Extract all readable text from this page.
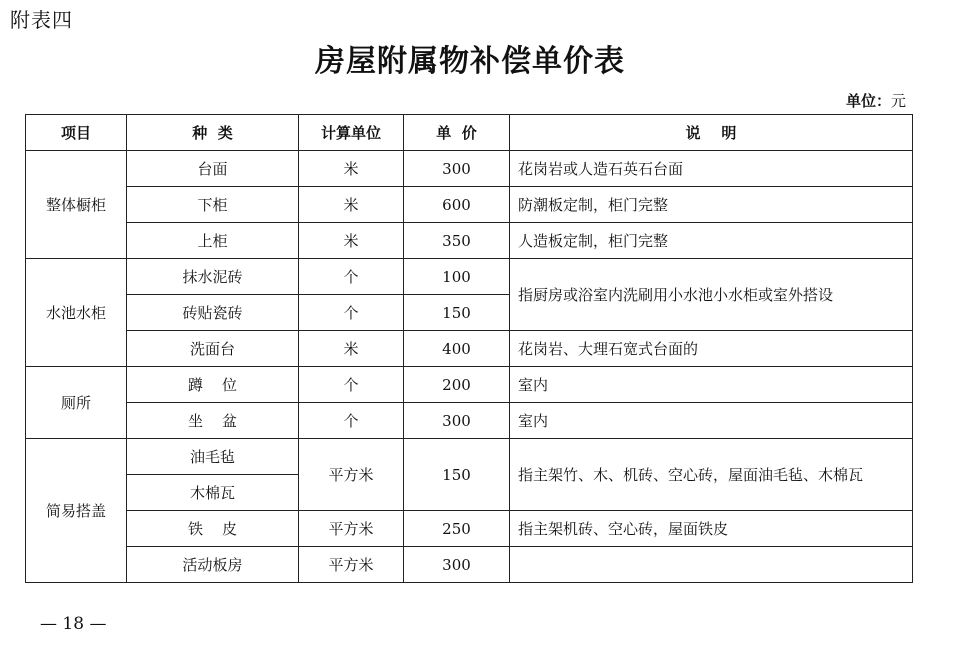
附表四
房屋附属物补偿单价表
单位：元
项目	种  类	计算单位	单  价	说    明
整体橱柜	台面	米	300	花岗岩或人造石英石台面
	下柜	米	600	防潮板定制，柜门完整
	上柜	米	350	人造板定制，柜门完整
水池水柜	抹水泥砖	个	100	指厨房或浴室内洗刷用小水池小水柜或室外搭设
	砖贴瓷砖	个	150	
	洗面台	米	400	花岗岩、大理石宽式台面的
厕所	蹲    位	个	200	室内
	坐    盆	个	300	室内
简易搭盖	油毛毡	平方米	150	指主架竹、木、机砖、空心砖，屋面油毛毡、木棉瓦
	木棉瓦			
	铁    皮	平方米	250	指主架机砖、空心砖，屋面铁皮
	活动板房	平方米	300	
— 18 —
